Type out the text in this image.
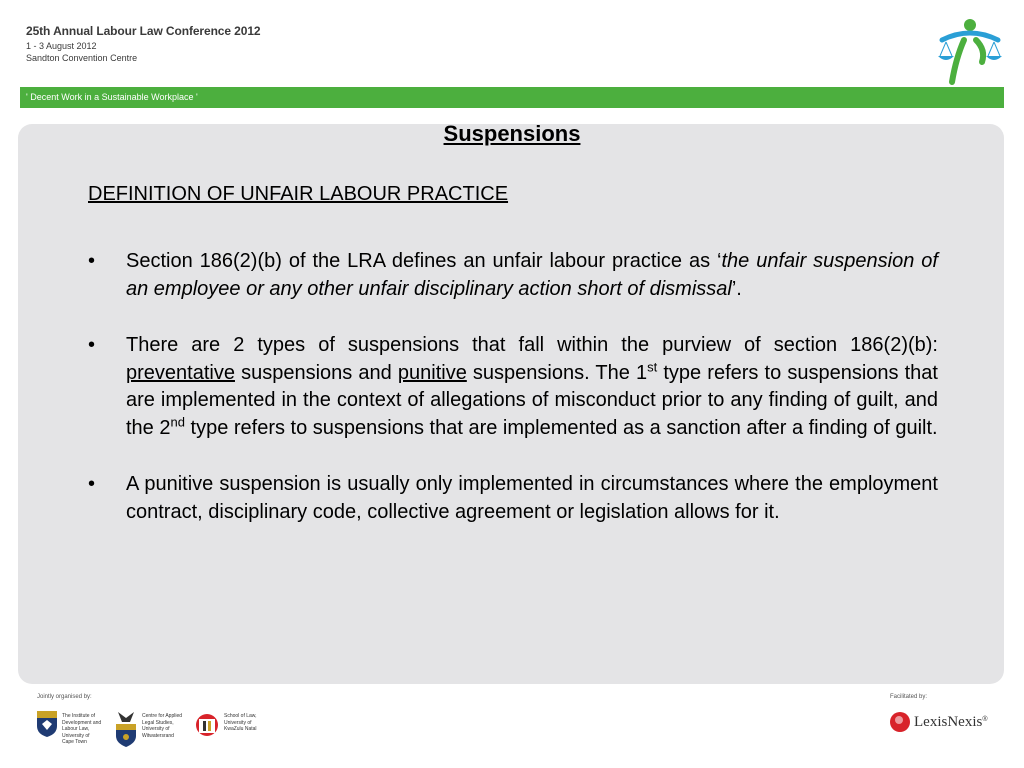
25th Annual Labour Law Conference 2012
1 - 3 August 2012
Sandton Convention Centre
' Decent Work in a Sustainable Workplace '
Suspensions
DEFINITION OF UNFAIR LABOUR PRACTICE
•	Section 186(2)(b) of the LRA defines an unfair labour practice as ‘the unfair suspension of an employee or any other unfair disciplinary action short of dismissal’.
•	There are 2 types of suspensions that fall within the purview of section 186(2)(b): preventative suspensions and punitive suspensions. The 1st type refers to suspensions that are implemented in the context of allegations of misconduct prior to any finding of guilt, and the 2nd type refers to suspensions that are implemented as a sanction after a finding of guilt.
•	A punitive suspension is usually only implemented in circumstances where the employment contract, disciplinary code, collective agreement or legislation allows for it.
Jointly organised by:	Facilitated by:
The Institute of
Development and
Labour Law,
University of
Cape Town
Centre for Applied
Legal Studies,
University of
Witwatersrand
School of Law,
University of
KwaZulu Natal	LexisNexis ®
